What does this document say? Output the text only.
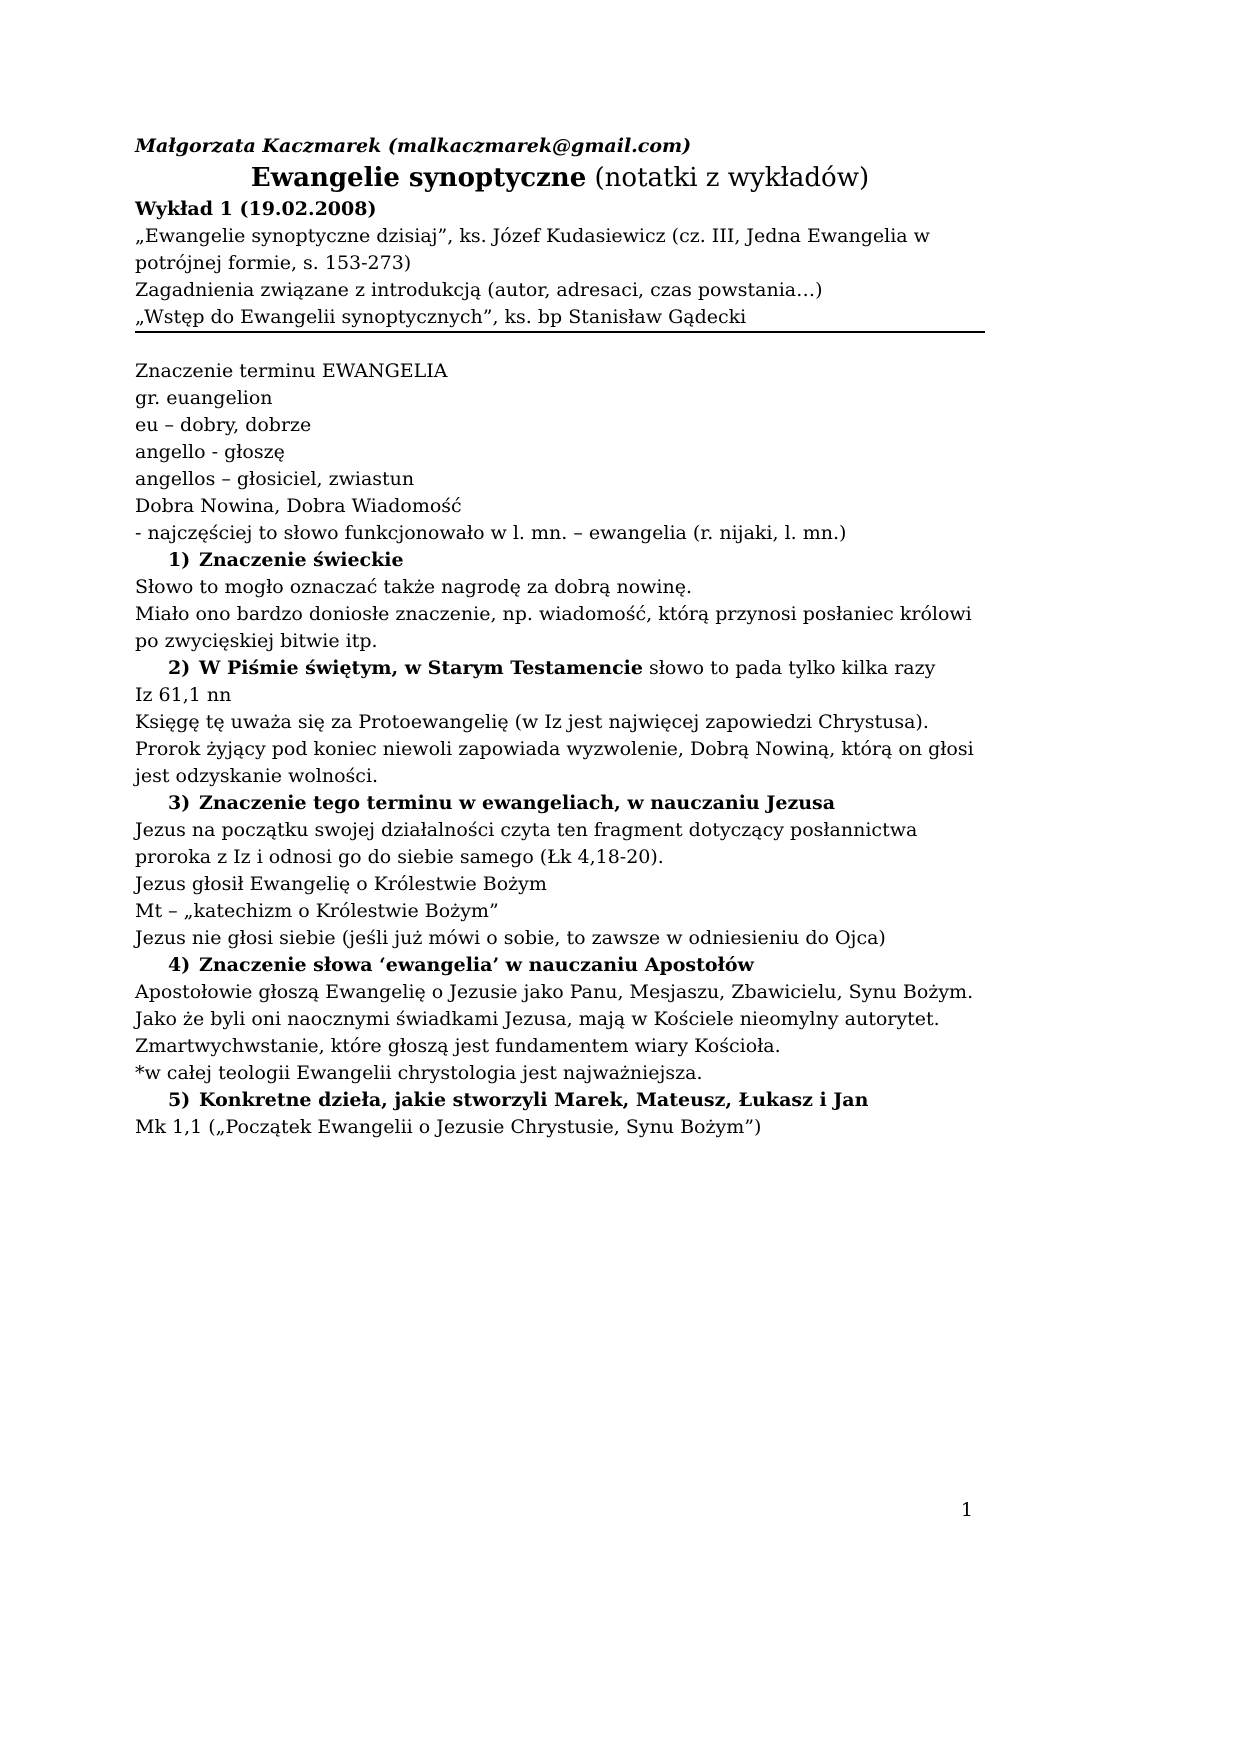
Małgorzata Kaczmarek (malkaczmarek@gmail.com)

Ewangelie synoptyczne (notatki z wykładów)
Wykład 1 (19.02.2008)
„Ewangelie synoptyczne dzisiaj”, ks. Józef Kudasiewicz (cz. III, Jedna Ewangelia w potrójnej formie, s. 153-273)
Zagadnienia związane z introdukcją (autor, adresaci, czas powstania…)
„Wstęp do Ewangelii synoptycznych”, ks. bp Stanisław Gądecki
Znaczenie terminu EWANGELIA
gr. euangelion
eu – dobry, dobrze
angello - głoszę
angellos – głosiciel, zwiastun
Dobra Nowina, Dobra Wiadomość
- najczęściej to słowo funkcjonowało w l. mn. – ewangelia (r. nijaki, l. mn.)
1) Znaczenie świeckie
Słowo to mogło oznaczać także nagrodę za dobrą nowinę.
Miało ono bardzo doniosłe znaczenie, np. wiadomość, którą przynosi posłaniec królowi po zwycięskiej bitwie itp.
2) W Piśmie świętym, w Starym Testamencie słowo to pada tylko kilka razy
Iz 61,1 nn
Księgę tę uważa się za Protoewangelię (w Iz jest najwięcej zapowiedzi Chrystusa).
Prorok żyjący pod koniec niewoli zapowiada wyzwolenie, Dobrą Nowiną, którą on głosi jest odzyskanie wolności.
3) Znaczenie tego terminu w ewangeliach, w nauczaniu Jezusa
Jezus na początku swojej działalności czyta ten fragment dotyczący posłannictwa proroka z Iz i odnosi go do siebie samego (Łk 4,18-20).
Jezus głosił Ewangelię o Królestwie Bożym
Mt – „katechizm o Królestwie Bożym”
Jezus nie głosi siebie (jeśli już mówi o sobie, to zawsze w odniesieniu do Ojca)
4) Znaczenie słowa ‘ewangelia’ w nauczaniu Apostołów
Apostołowie głoszą Ewangelię o Jezusie jako Panu, Mesjaszu, Zbawicielu, Synu Bożym.
Jako że byli oni naocznymi świadkami Jezusa, mają w Kościele nieomylny autorytet.
Zmartwychwstanie, które głoszą jest fundamentem wiary Kościoła.
*w całej teologii Ewangelii chrystologia jest najważniejsza.
5) Konkretne dzieła, jakie stworzyli Marek, Mateusz, Łukasz i Jan
Mk 1,1 („Początek Ewangelii o Jezusie Chrystusie, Synu Bożym”)
1
